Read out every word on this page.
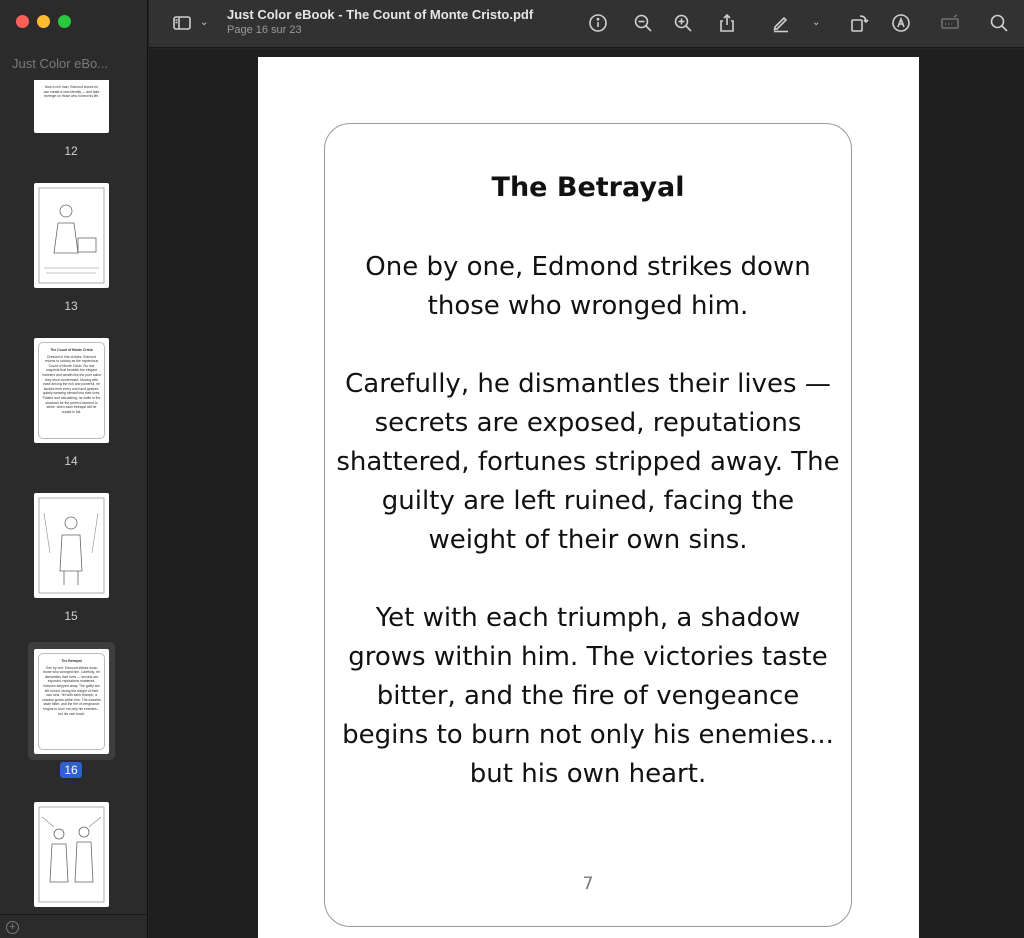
Just Color eBo...
Now a rich man, Edmond knows he can create a new identity — and take revenge on those who ruined his life.
12
13
The Count of Monte Cristo
Dressed in fine clothes, Edmond returns to society as the mysterious Count of Monte Cristo. No one suspects that beneath the elegant manners and wealth lies the poor sailor they once condemned. Moving with ease among the rich and powerful, he studies their every word and gesture, quietly weaving himself into their lives. Patient and calculating, he waits in the shadows for the perfect moment to strike, when each betrayal will be repaid in full.
14
15
The Betrayal
One by one, Edmond strikes down those who wronged him. Carefully, he dismantles their lives — secrets are exposed, reputations shattered, fortunes stripped away. The guilty are left ruined, facing the weight of their own sins. Yet with each triumph, a shadow grows within him. The victories taste bitter, and the fire of vengeance begins to burn not only his enemies... but his own heart.
16
+
⌄
Just Color eBook - The Count of Monte Cristo.pdf
Page 16 sur 23
⌄
The Betrayal
One by one, Edmond strikes down those who wronged him.
Carefully, he dismantles their lives — secrets are exposed, reputations shattered, fortunes stripped away. The guilty are left ruined, facing the weight of their own sins.
Yet with each triumph, a shadow grows within him. The victories taste bitter, and the fire of vengeance begins to burn not only his enemies... but his own heart.
7
